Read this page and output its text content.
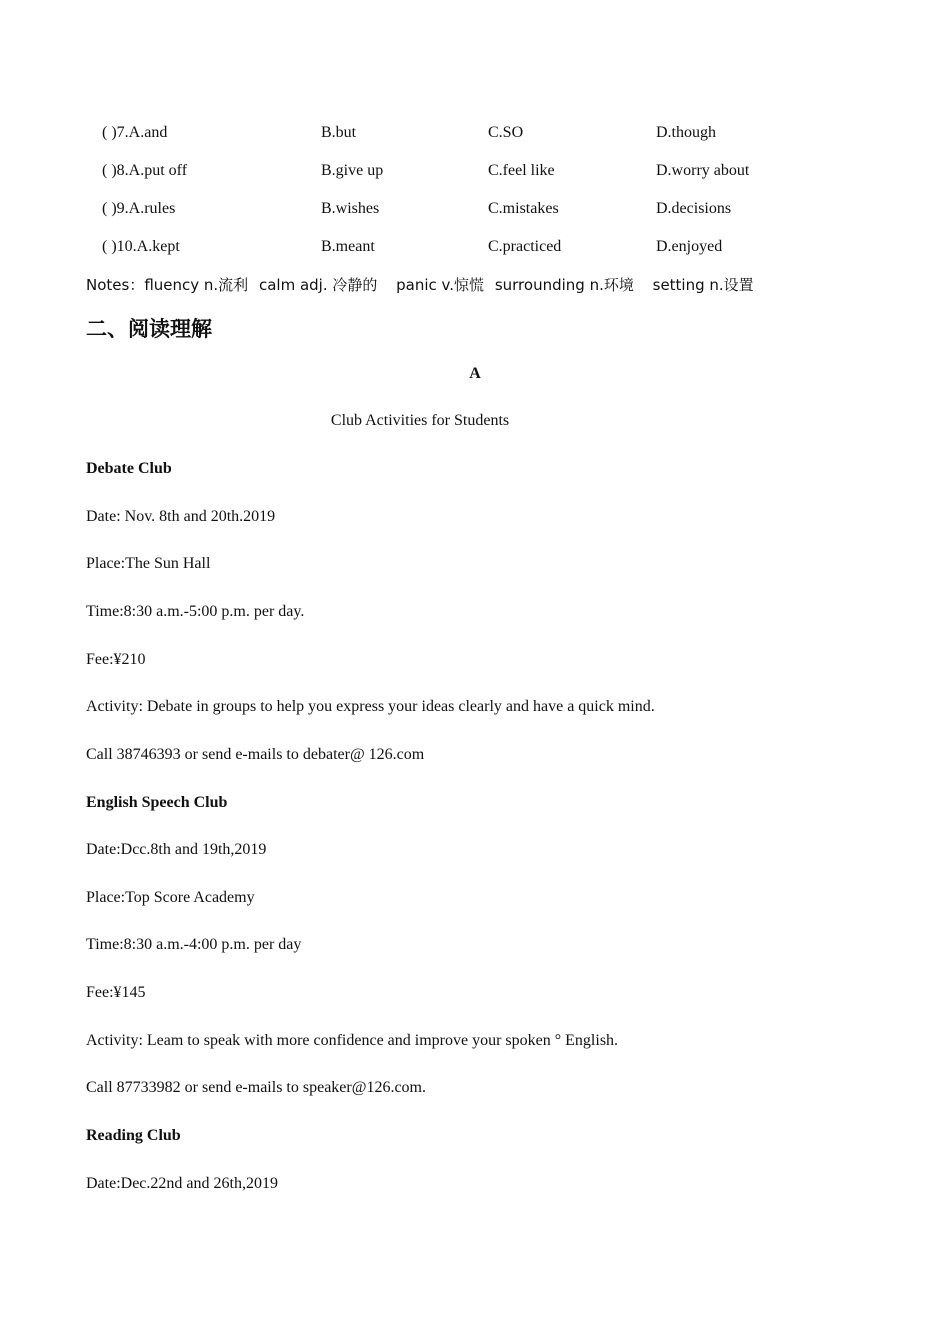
( )7.A.and	B.but	C.SO	D.though
( )8.A.put off	B.give up	C.feel like	D.worry about
( )9.A.rules	B.wishes	C.mistakes	D.decisions
( )10.A.kept	B.meant	C.practiced	D.enjoyed
Notes：fluency n.流利 calm adj. 冷静的 panic v.惊慌 surrounding n.环境 setting n.设置
二、阅读理解
A
Club Activities for Students
Debate Club
Date: Nov. 8th and 20th.2019
Place:The Sun Hall
Time:8:30 a.m.-5:00 p.m. per day.
Fee:¥210
Activity: Debate in groups to help you express your ideas clearly and have a quick mind.
Call 38746393 or send e-mails to debater@ 126.com
English Speech Club
Date:Dcc.8th and 19th,2019
Place:Top Score Academy
Time:8:30 a.m.-4:00 p.m. per day
Fee:¥145
Activity: Leam to speak with more confidence and improve your spoken ° English.
Call 87733982 or send e-mails to speaker@126.com.
Reading Club
Date:Dec.22nd and 26th,2019
